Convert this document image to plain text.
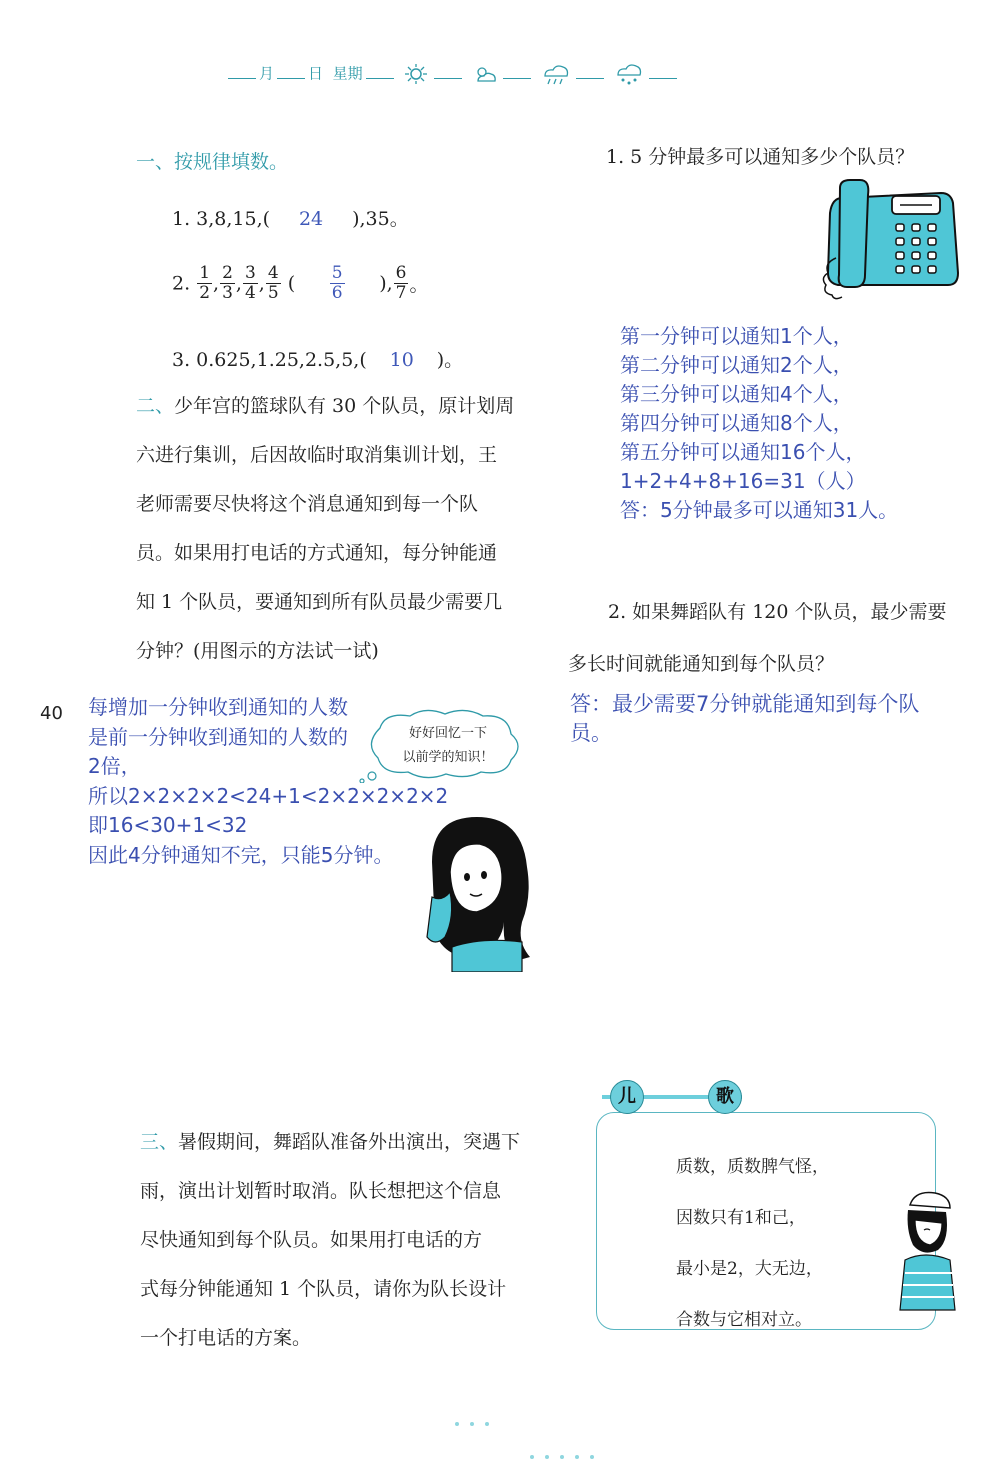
月 日 星期
一、按规律填数。
1. 3,8,15,( 24 ),35。
2. $\frac{1}{2}$ , $\frac{2}{3}$ , $\frac{3}{4}$ , $\frac{4}{5}$ ( $\frac{5}{6}$ ), $\frac{6}{7}$ 。
3. 0.625,1.25,2.5,5,( 10 )。
二、少年宫的篮球队有 30 个队员，原计划周
六进行集训，后因故临时取消集训计划，王
老师需要尽快将这个消息通知到每一个队
员。如果用打电话的方式通知，每分钟能通
知 1 个队员，要通知到所有队员最少需要几
分钟？(用图示的方法试一试)
40 每增加一分钟收到通知的人数
是前一分钟收到通知的人数的
2倍，
所以2×2×2×2<24+1<2×2×2×2×2
即16<30+1<32
因此4分钟通知不完，只能5分钟。
好好回忆一下
以前学的知识！
1. 5 分钟最多可以通知多少个队员？
第一分钟可以通知1个人，
第二分钟可以通知2个人，
第三分钟可以通知4个人，
第四分钟可以通知8个人，
第五分钟可以通知16个人，
1+2+4+8+16=31（人）
答：5分钟最多可以通知31人。
2. 如果舞蹈队有 120 个队员，最少需要
多长时间就能通知到每个队员？
答：最少需要7分钟就能通知到每个队
员。
三、暑假期间，舞蹈队准备外出演出，突遇下
雨，演出计划暂时取消。队长想把这个信息
尽快通知到每个队员。如果用打电话的方
式每分钟能通知 1 个队员，请你为队长设计
一个打电话的方案。
儿	歌
质数，质数脾气怪，
因数只有1和己，
最小是2，大无边，
合数与它相对立。
